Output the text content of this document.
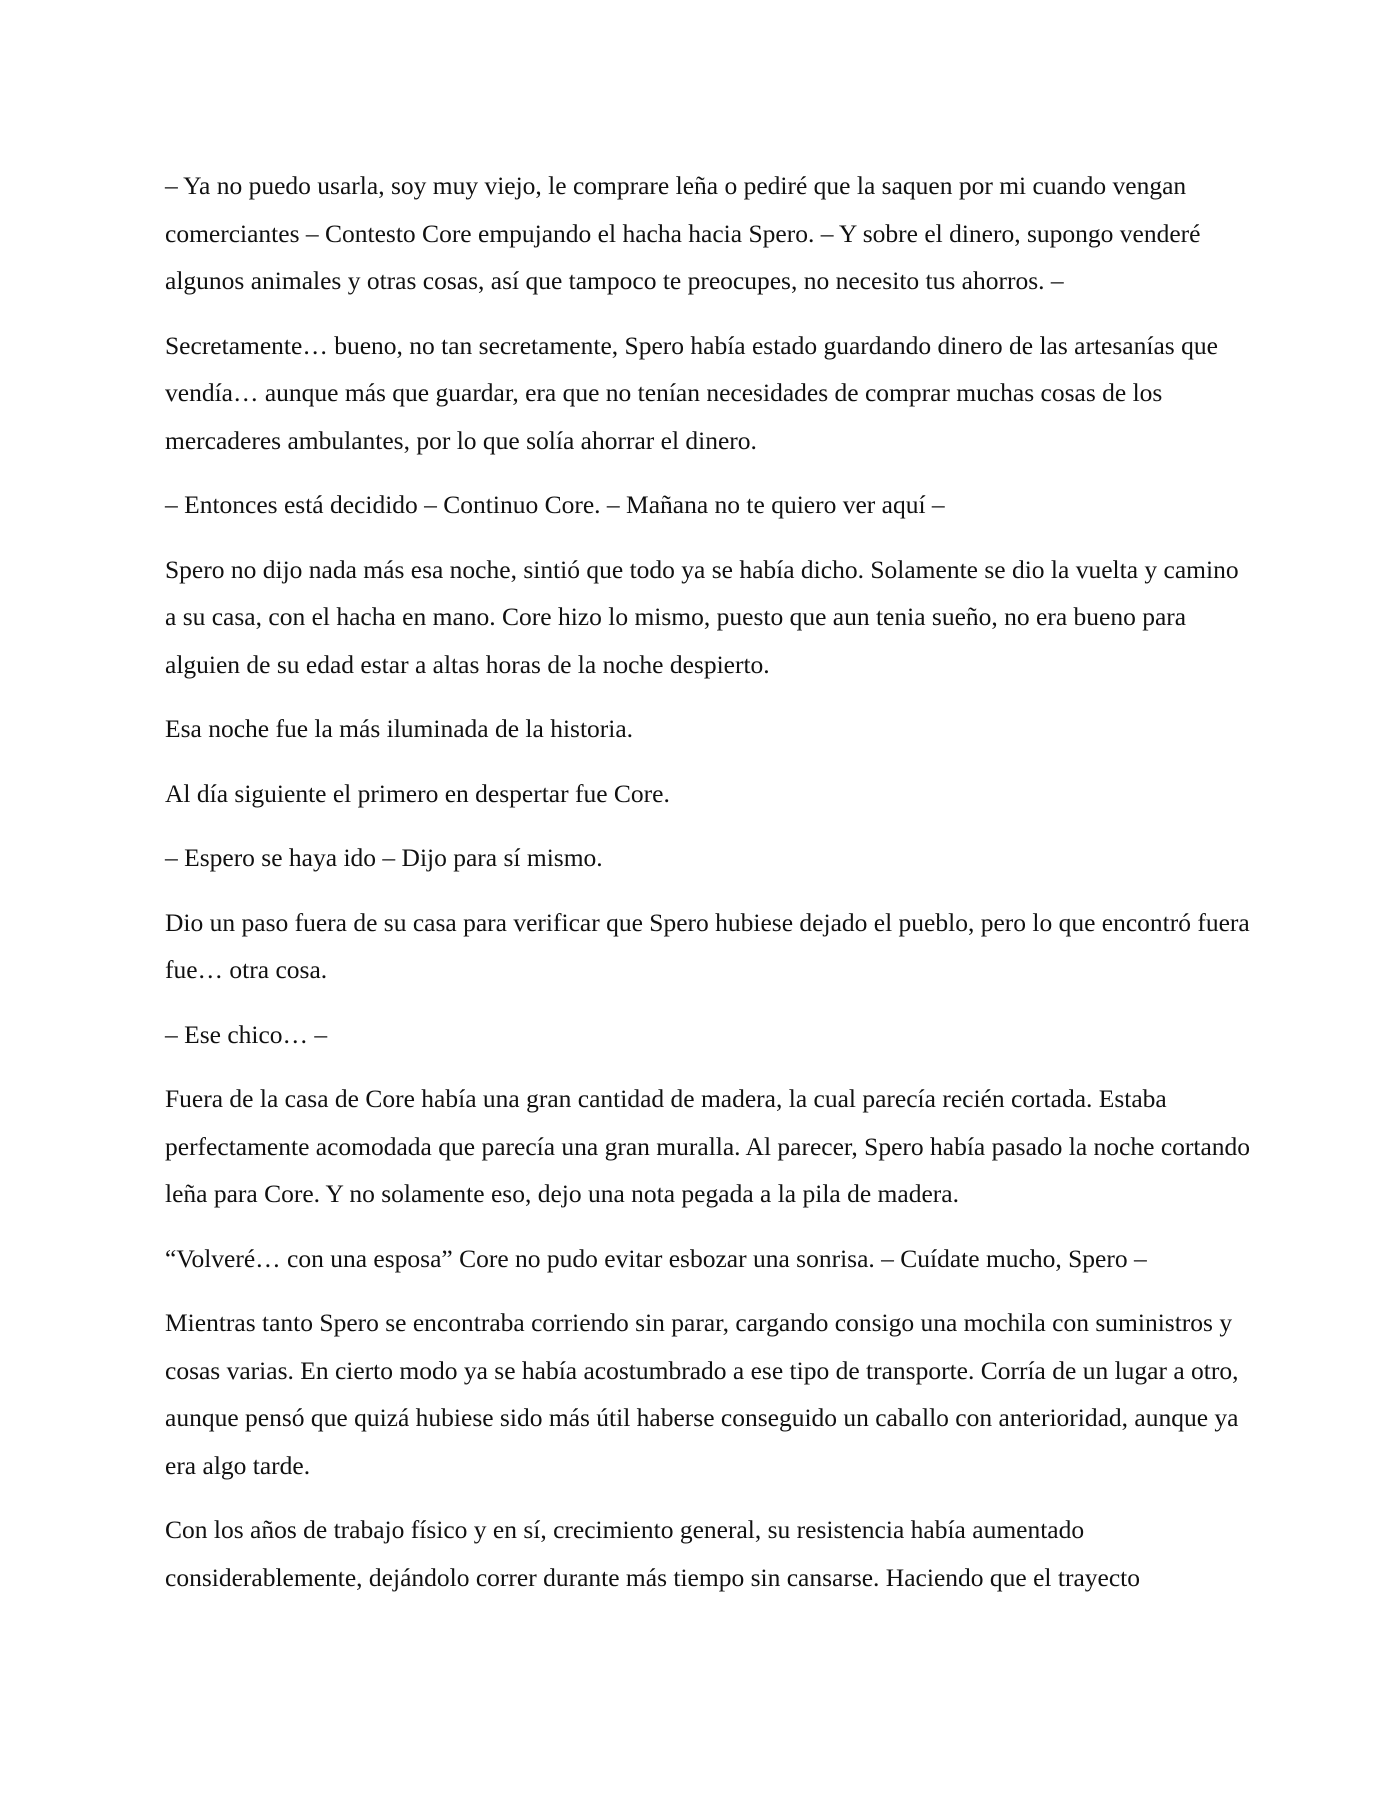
– Ya no puedo usarla, soy muy viejo, le comprare leña o pediré que la saquen por mi cuando vengan comerciantes – Contesto Core empujando el hacha hacia Spero. – Y sobre el dinero, supongo venderé algunos animales y otras cosas, así que tampoco te preocupes, no necesito tus ahorros. –

Secretamente… bueno, no tan secretamente, Spero había estado guardando dinero de las artesanías que vendía… aunque más que guardar, era que no tenían necesidades de comprar muchas cosas de los mercaderes ambulantes, por lo que solía ahorrar el dinero.

– Entonces está decidido – Continuo Core. – Mañana no te quiero ver aquí –

Spero no dijo nada más esa noche, sintió que todo ya se había dicho. Solamente se dio la vuelta y camino a su casa, con el hacha en mano. Core hizo lo mismo, puesto que aun tenia sueño, no era bueno para alguien de su edad estar a altas horas de la noche despierto.

Esa noche fue la más iluminada de la historia.

Al día siguiente el primero en despertar fue Core.

– Espero se haya ido – Dijo para sí mismo.

Dio un paso fuera de su casa para verificar que Spero hubiese dejado el pueblo, pero lo que encontró fuera fue… otra cosa.

– Ese chico… –

Fuera de la casa de Core había una gran cantidad de madera, la cual parecía recién cortada. Estaba perfectamente acomodada que parecía una gran muralla. Al parecer, Spero había pasado la noche cortando leña para Core. Y no solamente eso, dejo una nota pegada a la pila de madera.

“Volveré… con una esposa” Core no pudo evitar esbozar una sonrisa. – Cuídate mucho, Spero –

Mientras tanto Spero se encontraba corriendo sin parar, cargando consigo una mochila con suministros y cosas varias. En cierto modo ya se había acostumbrado a ese tipo de transporte. Corría de un lugar a otro, aunque pensó que quizá hubiese sido más útil haberse conseguido un caballo con anterioridad, aunque ya era algo tarde.

Con los años de trabajo físico y en sí, crecimiento general, su resistencia había aumentado considerablemente, dejándolo correr durante más tiempo sin cansarse. Haciendo que el trayecto
